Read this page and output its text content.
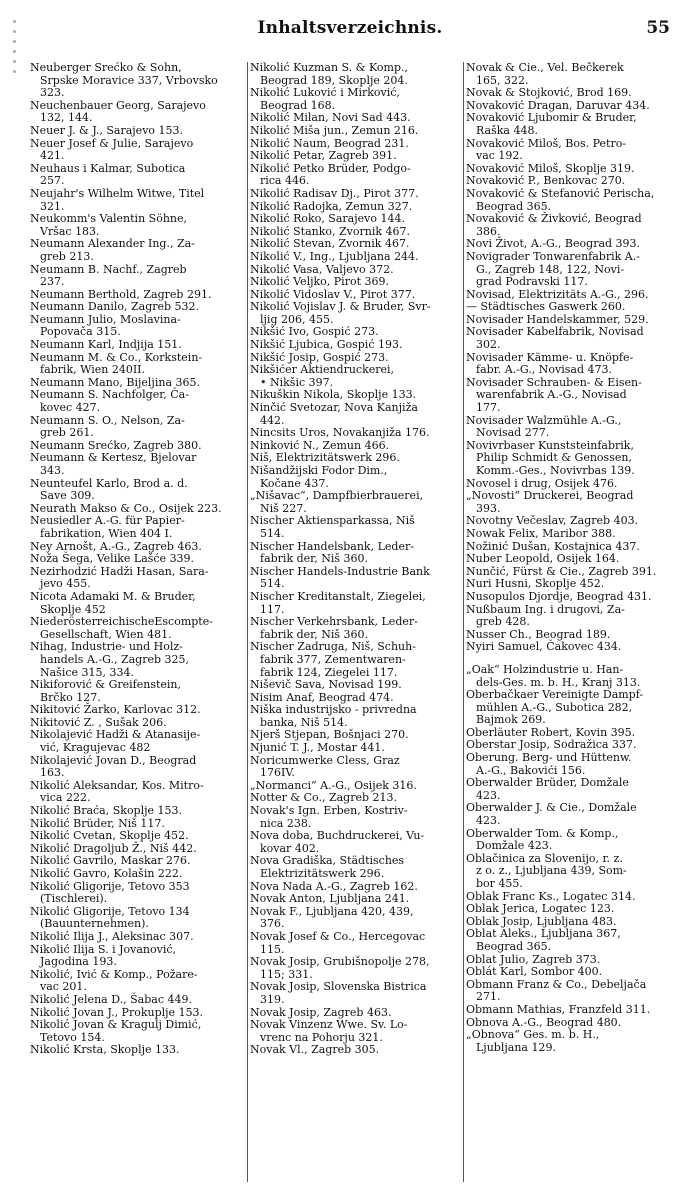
Inhaltsverzeichnis.	55
Neuberger Srećko & Sohn,
Srpske Moravice 337, Vrbovsko
323.
Neuchenbauer Georg, Sarajevo
132, 144.
Neuer J. & J., Sarajevo 153.
Neuer Josef & Julie, Sarajevo
421.
Neuhaus i Kalmar, Subotica
257.
Neujahr's Wilhelm Witwe, Titel
321.
Neukomm's Valentin Söhne,
Vršac 183.
Neumann Alexander Ing., Za-
greb 213.
Neumann B. Nachf., Zagreb
237.
Neumann Berthold, Zagreb 291.
Neumann Danilo, Zagreb 532.
Neumann Julio, Moslavina-
Popovača 315.
Neumann Karl, Indjija 151.
Neumann M. & Co., Korkstein-
fabrik, Wien 240II.
Neumann Mano, Bijeljina 365.
Neumann S. Nachfolger, Ča-
kovec 427.
Neumann S. O., Nelson, Za-
greb 261.
Neumann Srećko, Zagreb 380.
Neumann & Kertesz, Bjelovar
343.
Neunteufel Karlo, Brod a. d.
Save 309.
Neurath Makso & Co., Osijek 223.
Neusiedler A.-G. für Papier-
fabrikation, Wien 404 I.
Ney Arnošt, A.-G., Zagreb 463.
Noža Šega, Velike Lašće 339.
Nezirhodzić Hadži Hasan, Sara-
jevo 455.
Nicota Adamaki M. & Bruder,
Skoplje 452
NiederösterreichischeEscompte-
Gesellschaft, Wien 481.
Nihag, Industrie- und Holz-
handels A.-G., Zagreb 325,
Našice 315, 334.
Nikiforović & Greifenstein,
Brčko 127.
Nikitović Žarko, Karlovac 312.
Nikitović Z. , Sušak 206.
Nikolajević Hadži & Atanasije-
vić, Kragujevac 482
Nikolajević Jovan D., Beograd
163.
Nikolić Aleksandar, Kos. Mitro-
vica 222.
Nikolić Braća, Skoplje 153.
Nikolić Brüder, Niš 117.
Nikolić Cvetan, Skoplje 452.
Nikolić Dragoljub Ž., Niš 442.
Nikolić Gavrilo, Maskar 276.
Nikolić Gavro, Kolašin 222.
Nikolić Gligorije, Tetovo 353
(Tischlerei).
Nikolić Gligorije, Tetovo 134
(Bauunternehmen).
Nikolić Ilija J., Aleksinac 307.
Nikolić Ilija S. i Jovanović,
Jagodina 193.
Nikolić, Ivić & Komp., Požare-
vac 201.
Nikolić Jelena D., Šabac 449.
Nikolić Jovan J., Prokuplje 153.
Nikolić Jovan & Kragulj Dimić,
Tetovo 154.
Nikolić Krsta, Skoplje 133.
Nikolić Kuzman S. & Komp.,
Beograd 189, Skoplje 204.
Nikolić Luković i Mirković,
Beograd 168.
Nikolić Milan, Novi Sad 443.
Nikolić Miša jun., Zemun 216.
Nikolić Naum, Beograd 231.
Nikolić Petar, Zagreb 391.
Nikolić Petko Brüder, Podgo-
rica 446.
Nikolić Radisav Dj., Pirot 377.
Nikolić Radojka, Zemun 327.
Nikolić Roko, Sarajevo 144.
Nikolić Stanko, Zvornik 467.
Nikolić Stevan, Zvornik 467.
Nikolić V., Ing., Ljubljana 244.
Nikolić Vasa, Valjevo 372.
Nikolić Veljko, Pirot 369.
Nikolić Vidoslav V., Pirot 377.
Nikolić Vojislav J. & Bruder, Svr-
ljig 206, 455.
Nikšić Ivo, Gospić 273.
Nikšić Ljubica, Gospić 193.
Nikšić Josip, Gospić 273.
Nikšićer Aktiendruckerei,
• Nikšic 397.
Nikuškin Nikola, Skoplje 133.
Ninčić Svetozar, Nova Kanjiža
442.
Nincsits Uros, Novakanjiža 176.
Ninković N., Zemun 466.
Niš, Elektrizitätswerk 296.
Nišandžijski Fodor Dim.,
Kočane 437.
„Nišavac“, Dampfbierbrauerei,
Niš 227.
Nischer Aktiensparkassa, Niš
514.
Nischer Handelsbank, Leder-
fabrik der, Niš 360.
Nischer Handels-Industrie Bank
514.
Nischer Kreditanstalt, Ziegelei,
117.
Nischer Verkehrsbank, Leder-
fabrik der, Niš 360.
Nischer Zadruga, Niš, Schuh-
fabrik 377, Zementwaren-
fabrik 124, Ziegelei 117.
Niševič Sava, Novisad 199.
Nisim Anaf, Beograd 474.
Niška industrijsko - privredna
banka, Niš 514.
Njerš Stjepan, Bošnjaci 270.
Njunić T. J., Mostar 441.
Noricumwerke Cless, Graz
176IV.
„Normanci“ A.-G., Osijek 316.
Notter & Co., Zagreb 213.
Novak's Ign. Erben, Kostriv-
nica 238.
Nova doba, Buchdruckerei, Vu-
kovar 402.
Nova Gradiška, Städtisches
Elektrizitätswerk 296.
Nova Nada A.-G., Zagreb 162.
Novak Anton, Ljubljana 241.
Novak F., Ljubljana 420, 439,
376.
Novak Josef & Co., Hercegovac
115.
Novak Josip, Grubišnopolje 278,
115; 331.
Novak Josip, Slovenska Bistrica
319.
Novak Josip, Zagreb 463.
Novak Vinzenz Wwe. Sv. Lo-
vrenc na Pohorju 321.
Novak Vl., Zagreb 305.
Novak & Cie., Vel. Bečkerek
165, 322.
Novak & Stojković, Brod 169.
Novaković Dragan, Daruvar 434.
Novaković Ljubomir & Bruder,
Raška 448.
Novaković Miloš, Bos. Petro-
vac 192.
Novaković Miloš, Skoplje 319.
Novaković P., Benkovac 270.
Novaković & Stefanović Perischa,
Beograd 365.
Novaković & Živković, Beograd
386.
Novi Život, A.-G., Beograd 393.
Novigrader Tonwarenfabrik A.-
G., Zagreb 148, 122, Novi-
grad Podravski 117.
Novisad, Elektrizitäts A.-G., 296.
— Städtisches Gaswerk 260.
Novisader Handelskammer, 529.
Novisader Kabelfabrik, Novisad
302.
Novisader Kämme- u. Knöpfe-
fabr. A.-G., Novisad 473.
Novisader Schrauben- & Eisen-
warenfabrik A.-G., Novisad
177.
Novisader Walzmühle A.-G.,
Novisad 277.
Novivrbaser Kunststeinfabrik,
Philip Schmidt & Genossen,
Komm.-Ges., Novivrbas 139.
Novosel i drug, Osijek 476.
„Novosti“ Druckerei, Beograd
393.
Novotny Večeslav, Zagreb 403.
Nowak Felix, Maribor 388.
Nožinić Dušan, Kostajnica 437.
Nuber Leopold, Osijek 164.
Nunčić, Fürst & Cie., Zagreb 391.
Nuri Husni, Skoplje 452.
Nusopulos Djordje, Beograd 431.
Nußbaum Ing. i drugovi, Za-
greb 428.
Nusser Ch., Beograd 189.
Nyiri Samuel, Čakovec 434.
„Oak“ Holzindustrie u. Han-
dels-Ges. m. b. H., Kranj 313.
Oberbačkaer Vereinigte Dampf-
mühlen A.-G., Subotica 282,
Bajmok 269.
Oberläuter Robert, Kovin 395.
Oberstar Josip, Sodražica 337.
Oberung. Berg- und Hüttenw.
A.-G., Bakovići 156.
Oberwalder Brüder, Domžale
423.
Oberwalder J. & Cie., Domžale
423.
Oberwalder Tom. & Komp.,
Domžale 423.
Oblačinica za Slovenijo, r. z.
z o. z., Ljubljana 439, Som-
bor 455.
Oblak Franc Ks., Logatec 314.
Oblak Jerica, Logatec 123.
Oblak Josip, Ljubljana 483.
Oblat Aleks., Ljubljana 367,
Beograd 365.
Oblat Julio, Zagreb 373.
Oblát Karl, Sombor 400.
Obmann Franz & Co., Debeljača
271.
Obmann Mathias, Franzfeld 311.
Obnova A.-G., Beograd 480.
„Obnova“ Ges. m. b. H.,
Ljubljana 129.
